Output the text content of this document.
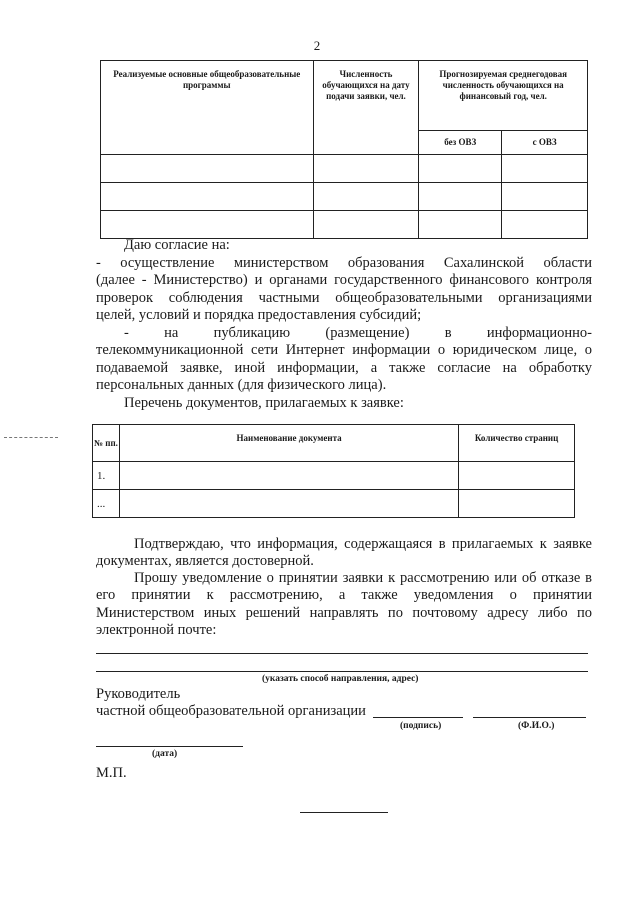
2
Реализуемые основные общеобразовательные программы	Численность обучающихся на дату подачи заявки, чел.	Прогнозируемая среднегодовая численность обучающихся на финансовый год, чел.	
		без ОВЗ	с ОВЗ

Даю согласие на:
- осуществление министерством образования Сахалинской области
(далее - Министерство) и органами государственного финансового контроля
проверок соблюдения частными общеобразовательными организациями
целей, условий и порядка предоставления субсидий;
- на публикацию (размещение) в информационно-
телекоммуникационной сети Интернет информации о юридическом лице, о
подаваемой заявке, иной информации, а также согласие на обработку
персональных данных (для физического лица).
Перечень документов, прилагаемых к заявке:
№ пп.	Наименование документа	Количество страниц
1.		
...		
Подтверждаю, что информация, содержащаяся в прилагаемых к заявке
документах, является достоверной.
Прошу уведомление о принятии заявки к рассмотрению или об отказе в
его принятии к рассмотрению, а также уведомления о принятии
Министерством иных решений направлять по почтовому адресу либо по
электронной почте:
(указать способ направления, адрес)
Руководитель
частной общеобразовательной организации
(подпись)	(Ф.И.О.)
(дата)
М.П.
